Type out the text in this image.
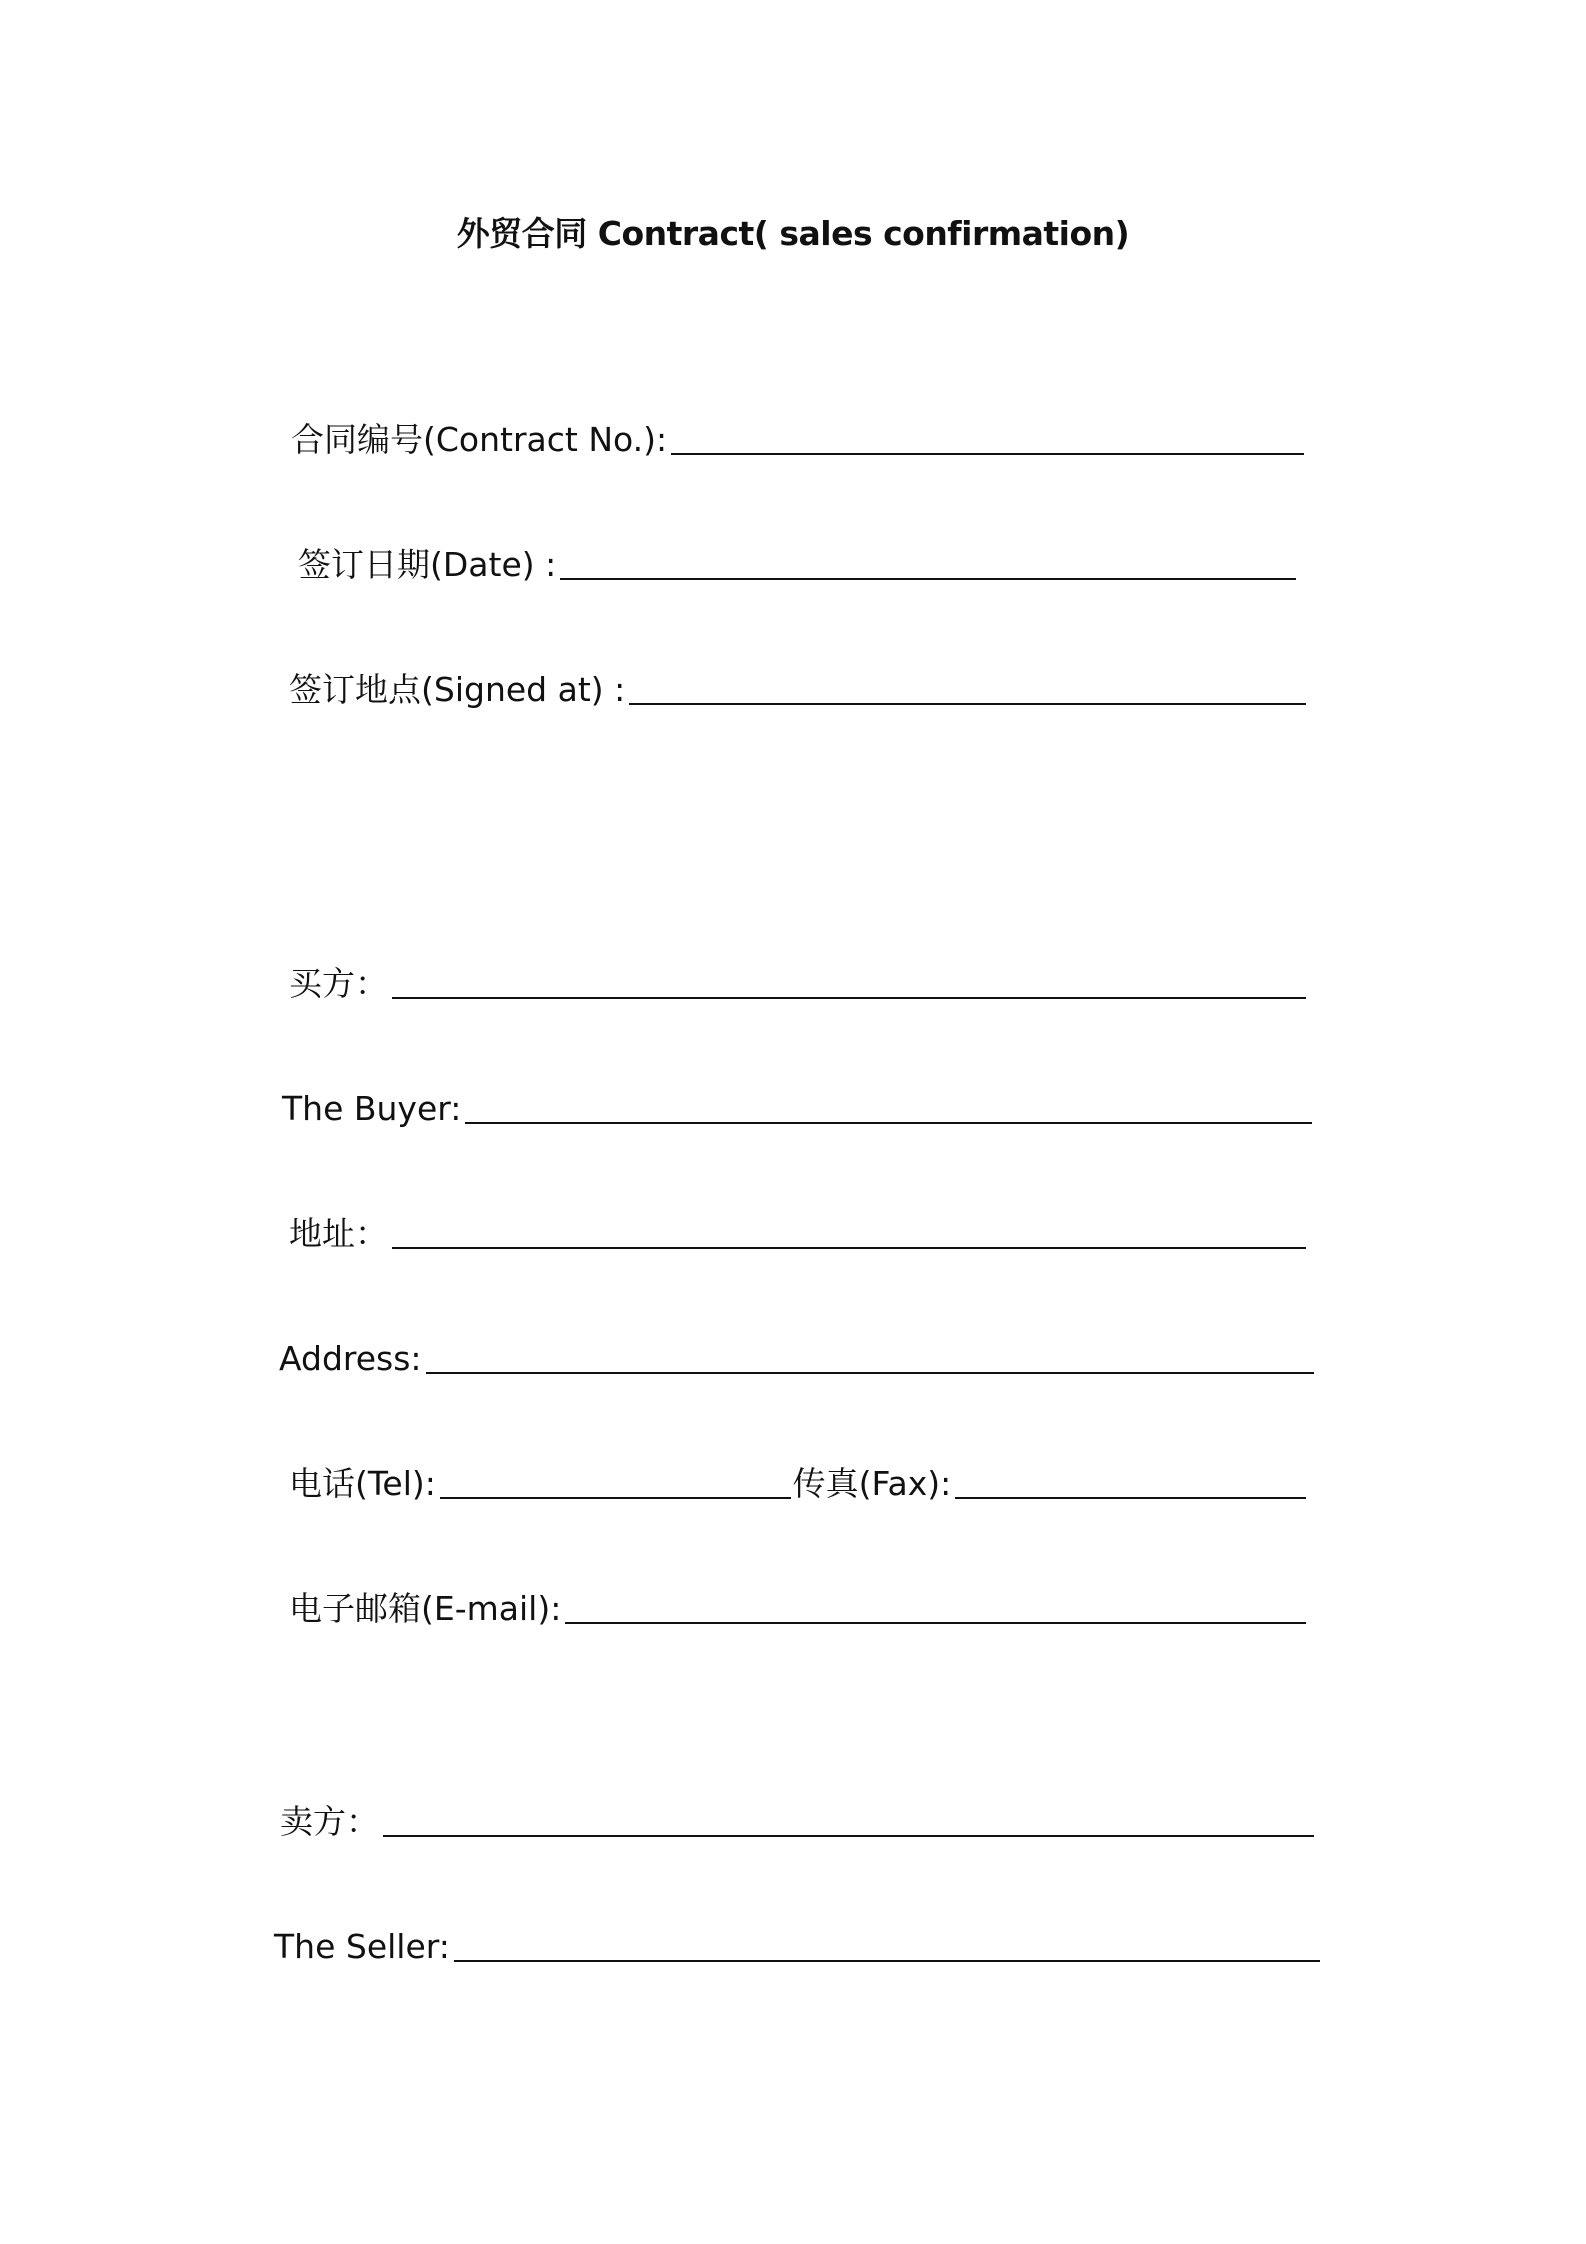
外贸合同 Contract( sales confirmation)
合同编号(Contract No.):
签订日期(Date) :
签订地点(Signed at) :
买方：
The Buyer:
地址：
Address:
电话(Tel):	传真(Fax):
电子邮箱(E-mail):
卖方：
The Seller:
